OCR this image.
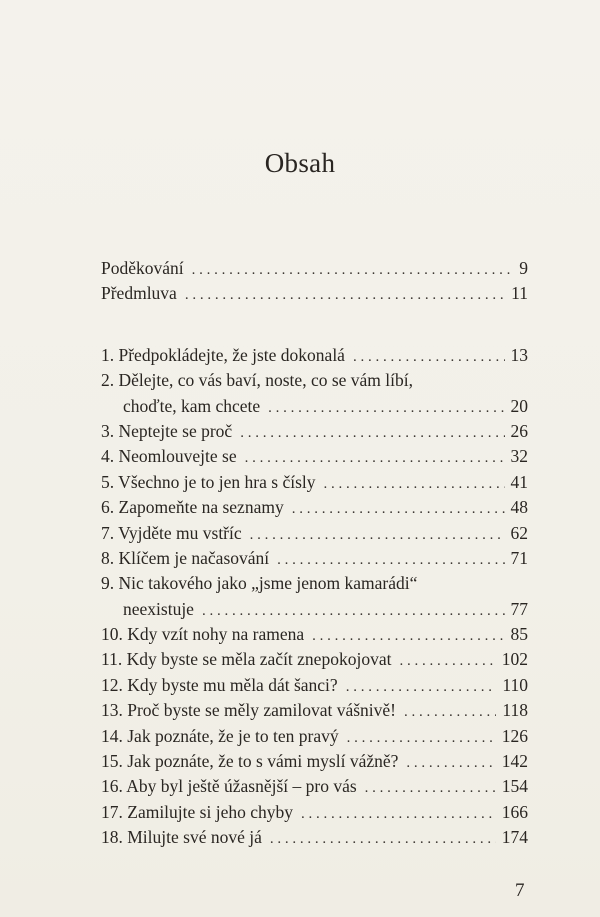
Obsah
Poděkování . . .	9
Předmluva . . .	11
1. Předpokládejte, že jste dokonalá . . .	13
2. Dělejte, co vás baví, noste, co se vám líbí,
choďte, kam chcete . . .	20
3. Neptejte se proč . . .	26
4. Neomlouvejte se . . .	32
5. Všechno je to jen hra s čísly . . .	41
6. Zapomeňte na seznamy . . .	48
7. Vyjděte mu vstříc . . .	62
8. Klíčem je načasování . . .	71
9. Nic takového jako „jsme jenom kamarádi“
neexistuje . . .	77
10. Kdy vzít nohy na ramena . . .	85
11. Kdy byste se měla začít znepokojovat . . .	102
12. Kdy byste mu měla dát šanci? . . .	110
13. Proč byste se měly zamilovat vášnivě! . . .	118
14. Jak poznáte, že je to ten pravý . . .	126
15. Jak poznáte, že to s vámi myslí vážně? . . .	142
16. Aby byl ještě úžasnější – pro vás . . .	154
17. Zamilujte si jeho chyby . . .	166
18. Milujte své nové já . . .	174
7
